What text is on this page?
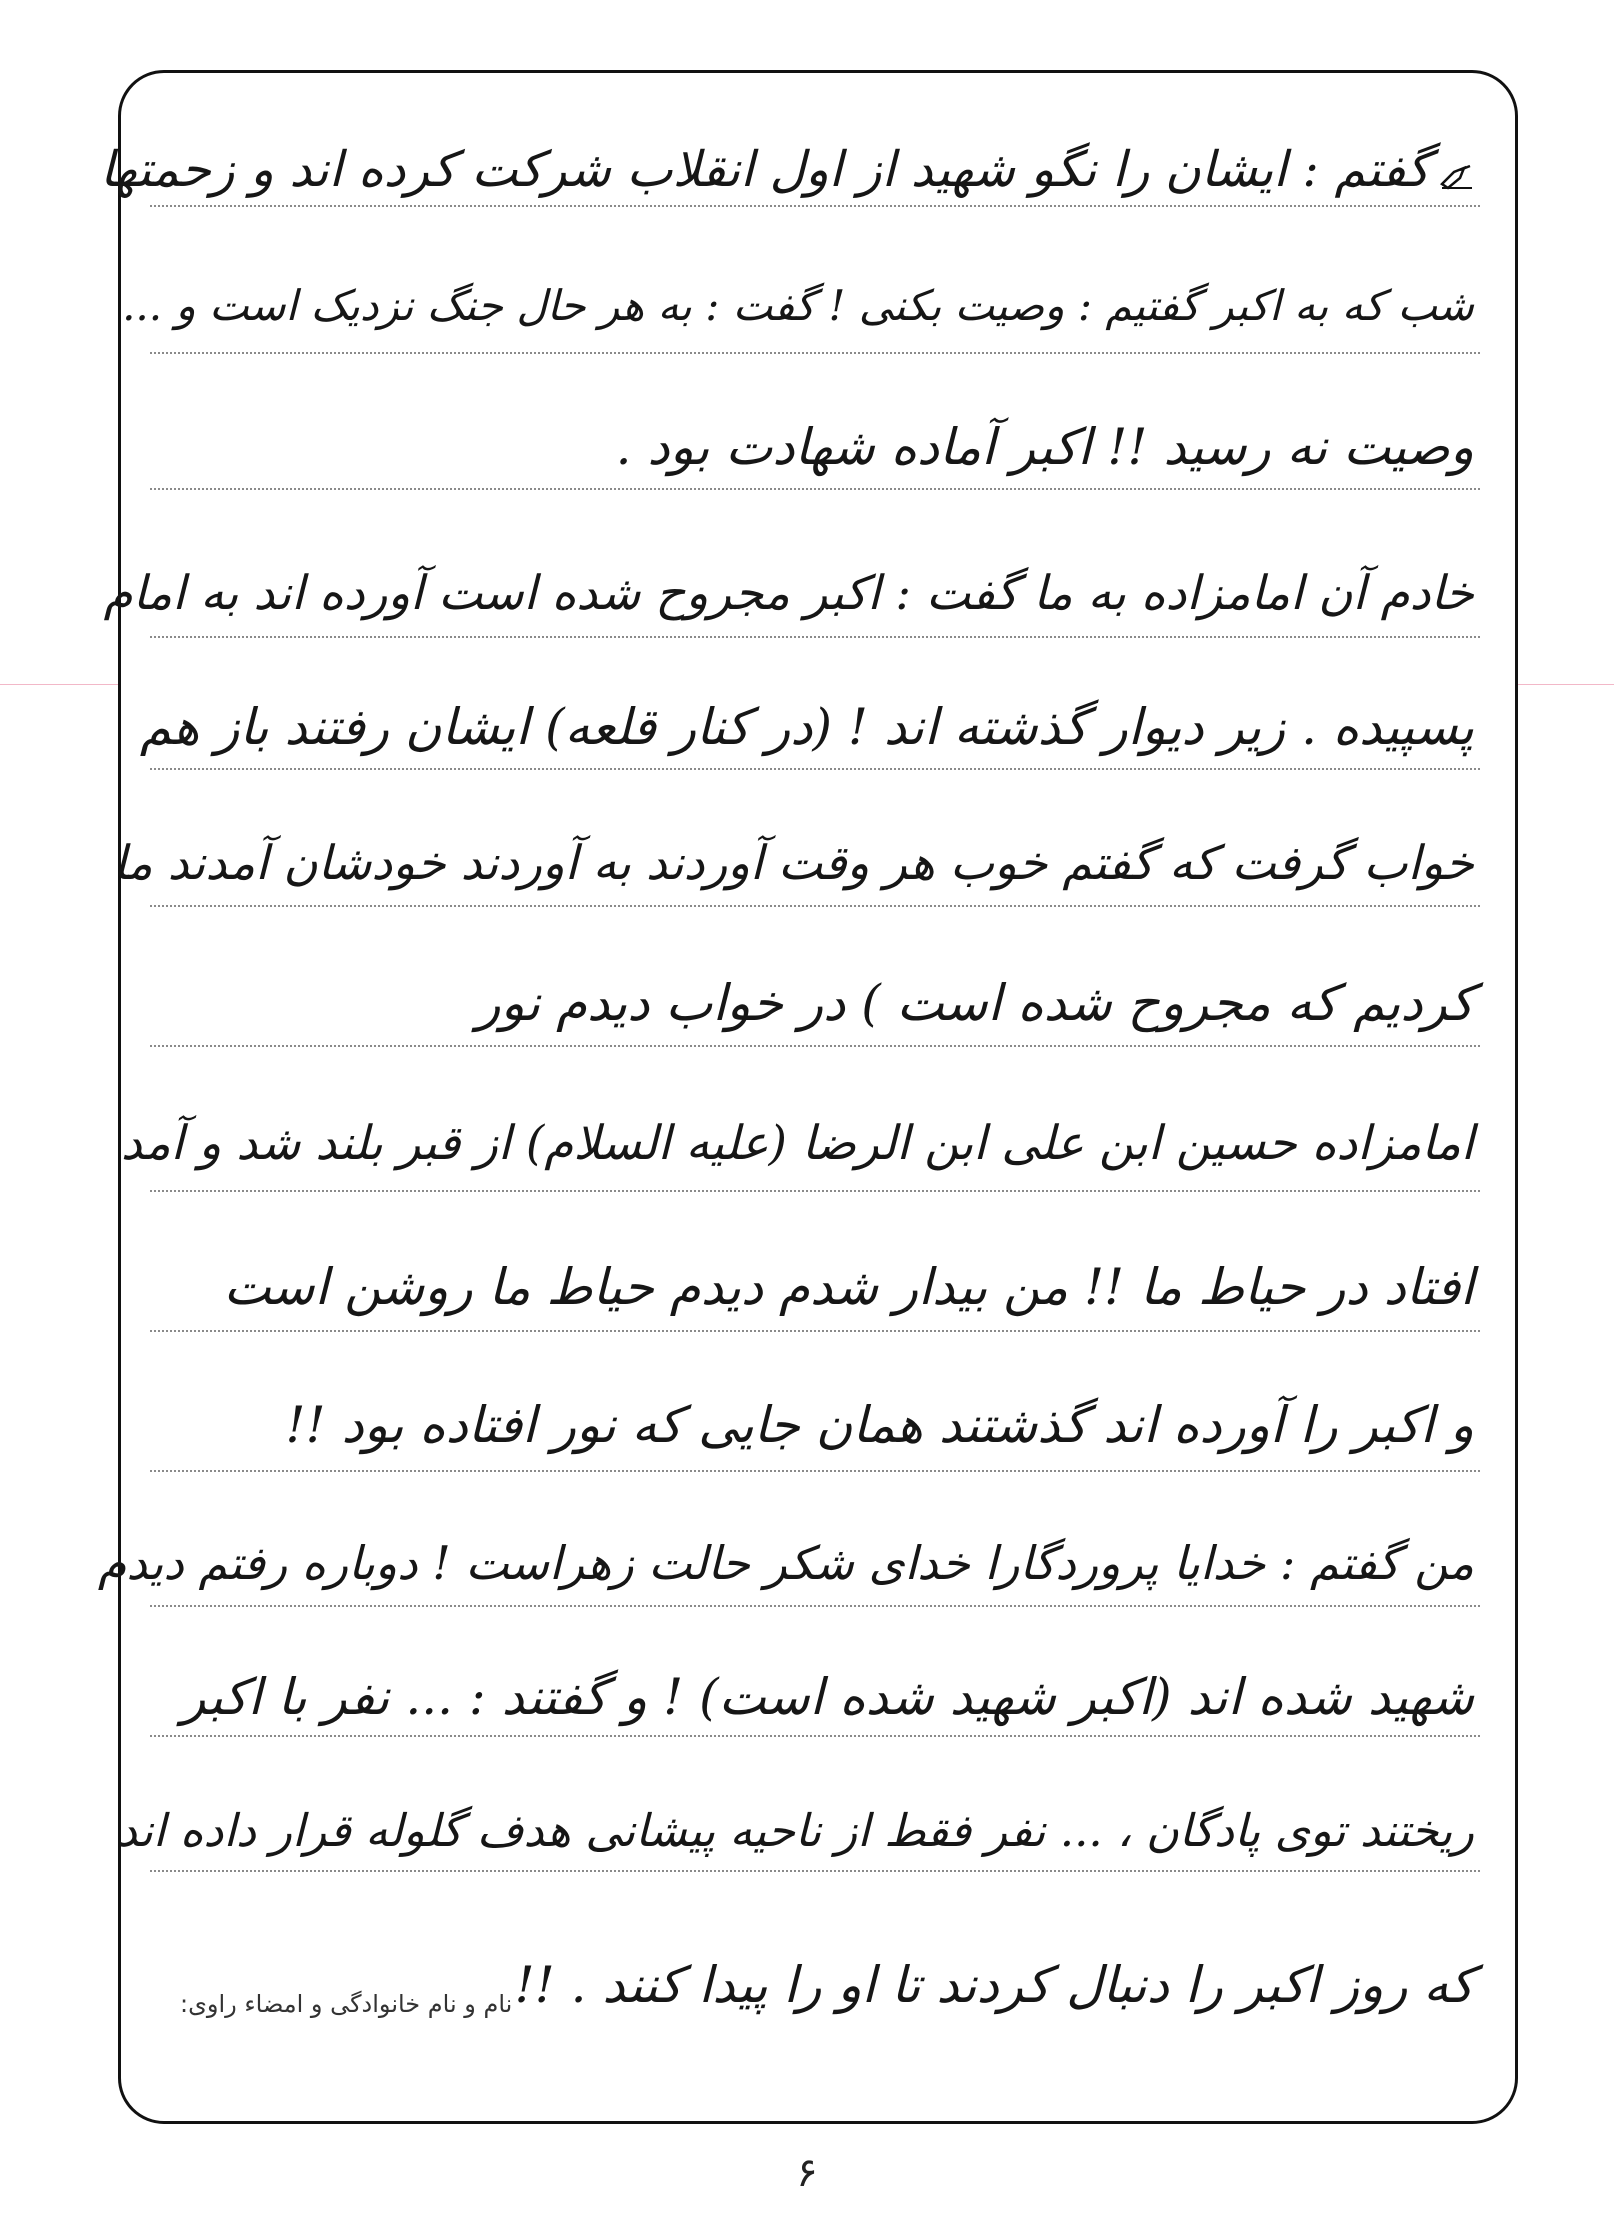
گفتم : ایشان را نگو شهید از اول انقلاب شرکت کرده اند و زحمتها
شب که به اکبر گفتیم : وصیت بکنی ! گفت : به هر حال جنگ نزدیک است و ...
وصیت نه رسید !! اکبر آماده شهادت بود .
خادم آن امامزاده به ما گفت : اکبر مجروح شده است آورده اند به امام
پسپیده . زیر دیوار گذشته اند ! (در کنار قلعه) ایشان رفتند باز هم
خواب گرفت که گفتم خوب هر وقت آوردند به آوردند خودشان آمدند ما
کردیم که مجروح شده است ) در خواب دیدم نور
امامزاده حسین ابن علی ابن الرضا (علیه السلام) از قبر بلند شد و آمد
افتاد در حیاط ما !! من بیدار شدم دیدم حیاط ما روشن است
و اکبر را آورده اند گذشتند همان جایی که نور افتاده بود !!
من گفتم : خدایا پروردگارا خدای شکر حالت زهراست ! دوباره رفتم دیدم
شهید شده اند (اکبر شهید شده است) ! و گفتند : ... نفر با اکبر
ریختند توی پادگان ، ... نفر فقط از ناحیه پیشانی هدف گلوله قرار داده اند
که روز اکبر را دنبال کردند تا او را پیدا کنند . !!
نام و نام خانوادگی و امضاء راوی:
۶
